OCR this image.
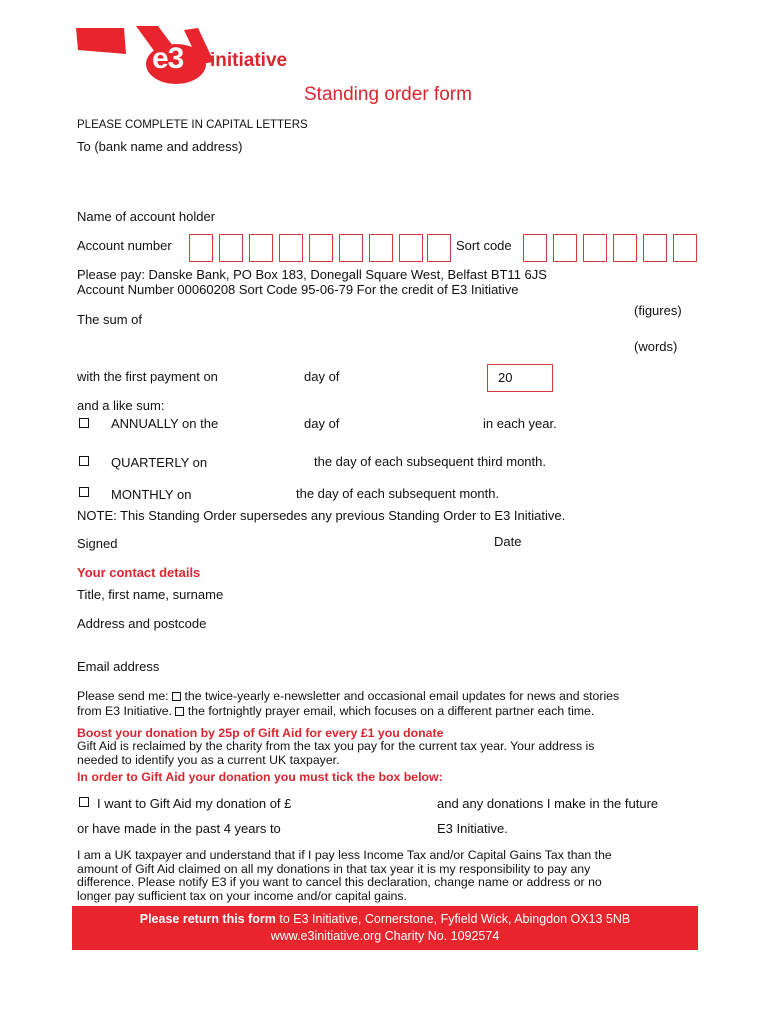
e3 initiative
Standing order form
PLEASE COMPLETE IN CAPITAL LETTERS
To (bank name and address)
Name of account holder
Account number	Sort code
Please pay: Danske Bank, PO Box 183, Donegall Square West, Belfast BT11 6JS
Account Number 00060208 Sort Code 95-06-79 For the credit of E3 Initiative
The sum of
(figures)
(words)
with the first payment on	day of	20
and a like sum:
ANNUALLY on the	day of	in each year.
QUARTERLY on	the day of each subsequent third month.
MONTHLY on	the day of each subsequent month.
NOTE: This Standing Order supersedes any previous Standing Order to E3 Initiative.
Signed	Date
Your contact details
Title, first name, surname
Address and postcode
Email address
Please send me: the twice-yearly e-newsletter and occasional email updates for news and stories
from E3 Initiative. the fortnightly prayer email, which focuses on a different partner each time.
Boost your donation by 25p of Gift Aid for every £1 you donate
Gift Aid is reclaimed by the charity from the tax you pay for the current tax year. Your address is
needed to identify you as a current UK taxpayer.
In order to Gift Aid your donation you must tick the box below:
I want to Gift Aid my donation of £	and any donations I make in the future
or have made in the past 4 years to	E3 Initiative.
I am a UK taxpayer and understand that if I pay less Income Tax and/or Capital Gains Tax than the
amount of Gift Aid claimed on all my donations in that tax year it is my responsibility to pay any
difference. Please notify E3 if you want to cancel this declaration, change name or address or no
longer pay sufficient tax on your income and/or capital gains.
Please return this form to E3 Initiative, Cornerstone, Fyfield Wick, Abingdon OX13 5NB
www.e3initiative.org Charity No. 1092574
